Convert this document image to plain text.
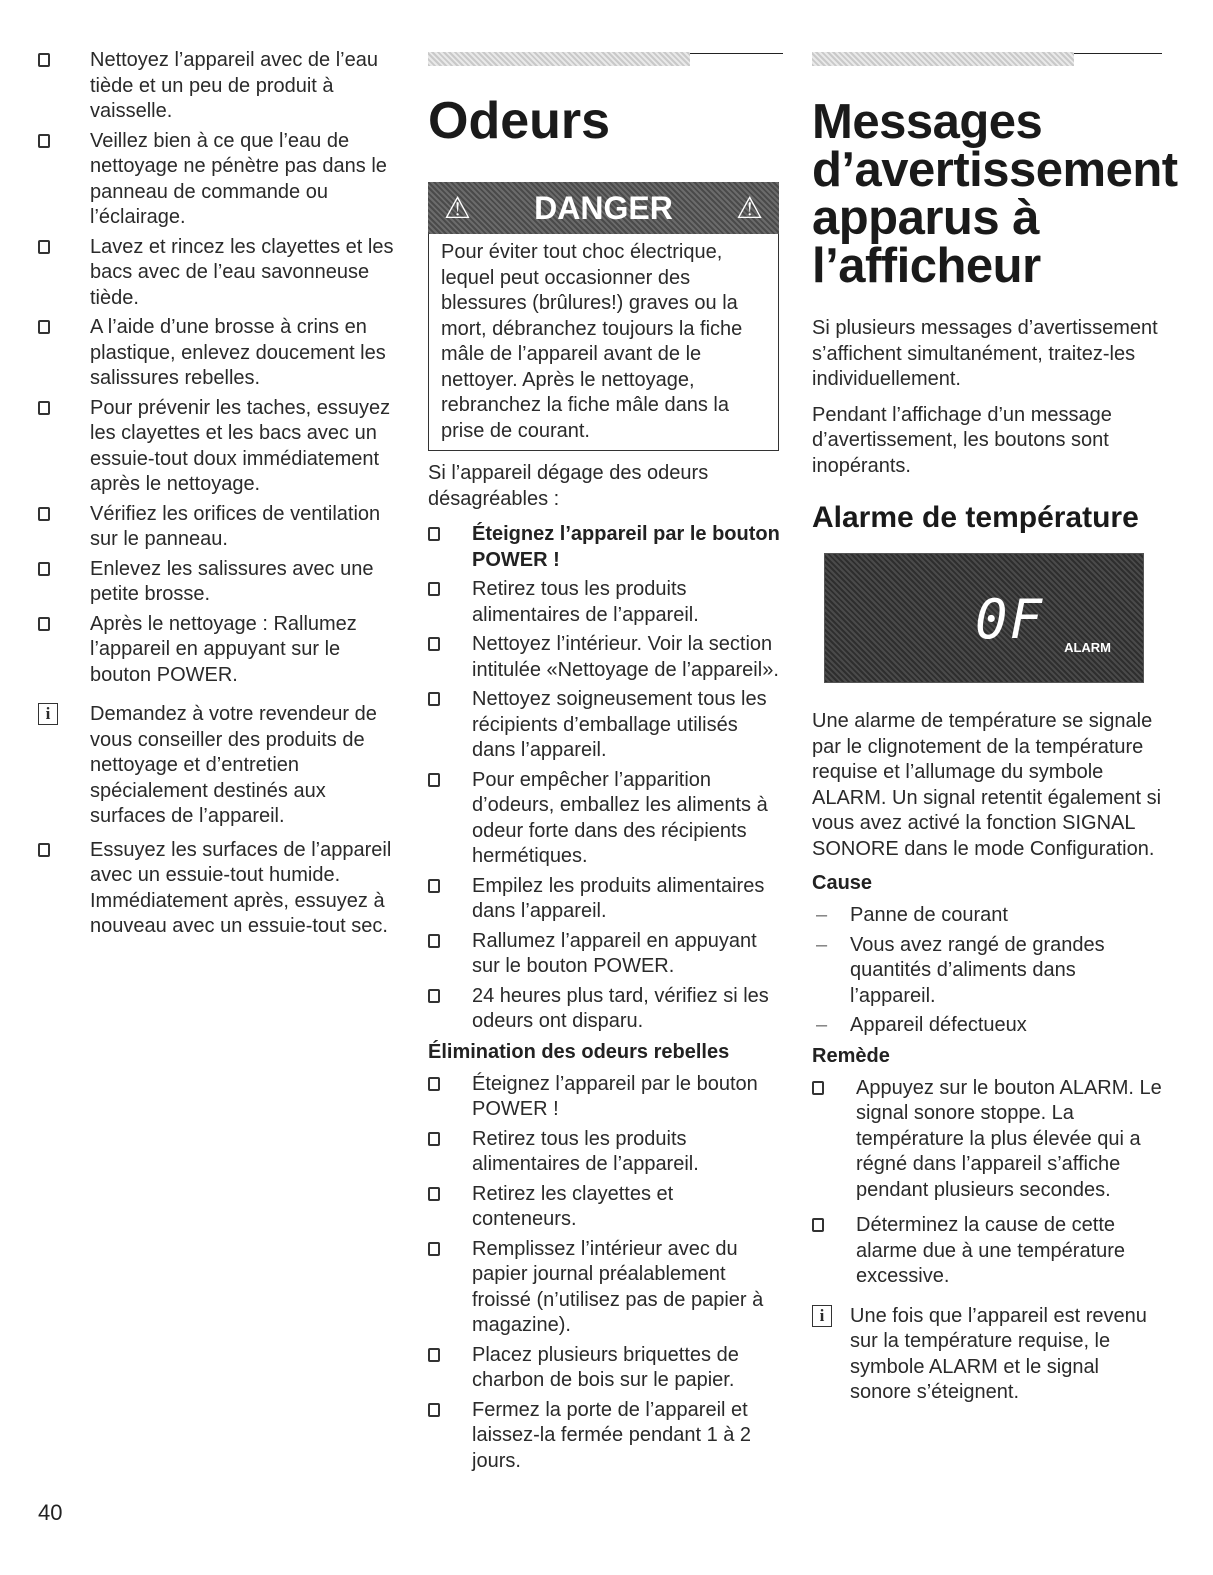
Nettoyez l’appareil avec de l’eau tiède et un peu de produit à vaisselle.
Veillez bien à ce que l’eau de nettoyage ne pénètre pas dans le panneau de commande ou l’éclairage.
Lavez et rincez les clayettes et les bacs avec de l’eau savonneuse tiède.
A l’aide d’une brosse à crins en plastique, enlevez doucement les salissures rebelles.
Pour prévenir les taches, essuyez les clayettes et les bacs avec un essuie-tout doux immédiatement après le nettoyage.
Vérifiez les orifices de ventilation sur le panneau.
Enlevez les salissures avec une petite brosse.
Après le nettoyage : Rallumez l’appareil en appuyant sur le bouton POWER.
i	Demandez à votre revendeur de vous conseiller des produits de nettoyage et d’entretien spécialement destinés aux surfaces de l’appareil.
Essuyez les surfaces de l’appareil avec un essuie-tout humide. Immédiatement après, essuyez à nouveau avec un essuie-tout sec.
Odeurs
⚠ DANGER ⚠
Pour éviter tout choc électrique, lequel peut occasionner des blessures (brûlures!) graves ou la mort, débranchez toujours la fiche mâle de l’appareil avant de le nettoyer. Après le nettoyage, rebranchez la fiche mâle dans la prise de courant.

Si l’appareil dégage des odeurs désagréables :

Éteignez l’appareil par le bouton POWER !
Retirez tous les produits alimentaires de l’appareil.
Nettoyez l’intérieur. Voir la section intitulée «Nettoyage de l’appareil».
Nettoyez soigneusement tous les récipients d’emballage utilisés dans l’appareil.
Pour empêcher l’apparition d’odeurs, emballez les aliments à odeur forte dans des récipients hermétiques.
Empilez les produits alimentaires dans l’appareil.
Rallumez l’appareil en appuyant sur le bouton POWER.
24 heures plus tard, vérifiez si les odeurs ont disparu.
Élimination des odeurs rebelles
Éteignez l’appareil par le bouton POWER !
Retirez tous les produits alimentaires de l’appareil.
Retirez les clayettes et conteneurs.
Remplissez l’intérieur avec du papier journal préalablement froissé (n’utilisez pas de papier à magazine).
Placez plusieurs briquettes de charbon de bois sur le papier.
Fermez la porte de l’appareil et laissez-la fermée pendant 1 à 2 jours.
Messages d’avertissement apparus à l’afficheur

Si plusieurs messages d’avertissement s’affichent simultanément, traitez-les individuellement.

Pendant l’affichage d’un message d’avertissement, les boutons sont inopérants.

Alarme de température
0F ALARM

Une alarme de température se signale par le clignotement de la température requise et l’allumage du symbole ALARM. Un signal retentit également si vous avez activé la fonction SIGNAL SONORE dans le mode Configuration.

Cause
– Panne de courant
– Vous avez rangé de grandes quantités d’aliments dans l’appareil.
– Appareil défectueux
Remède
Appuyez sur le bouton ALARM. Le signal sonore stoppe. La température la plus élevée qui a régné dans l’appareil s’affiche pendant plusieurs secondes.
Déterminez la cause de cette alarme due à une température excessive.
i	Une fois que l’appareil est revenu sur la température requise, le symbole ALARM et le signal sonore s’éteignent.
40
